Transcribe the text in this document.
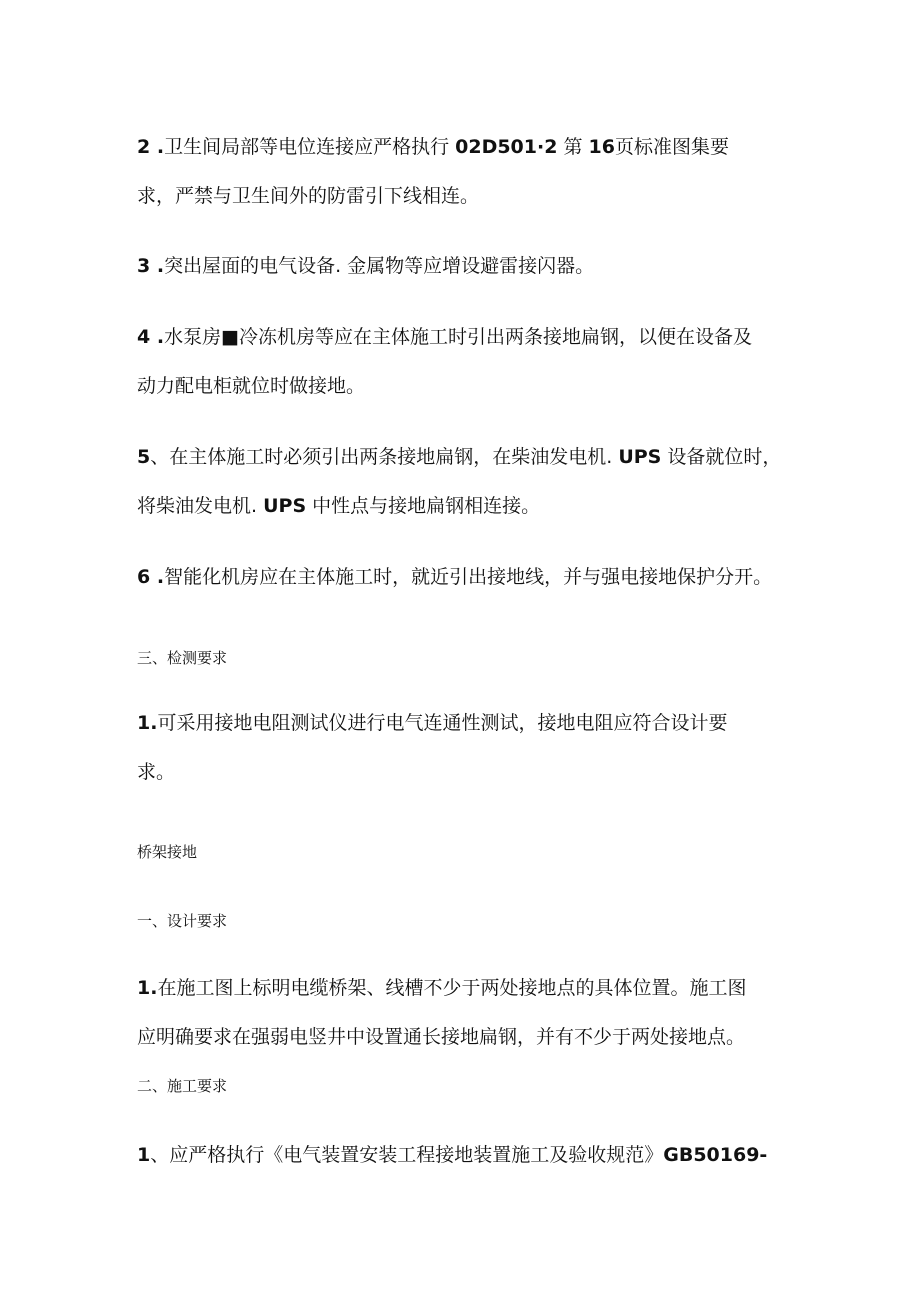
2 .卫生间局部等电位连接应严格执行 02D501·2 第 16页标准图集要
求，严禁与卫生间外的防雷引下线相连。
3 .突出屋面的电气设备. 金属物等应增设避雷接闪器。
4 .水泵房■冷冻机房等应在主体施工时引出两条接地扁钢，以便在设备及
动力配电柜就位时做接地。
5、在主体施工时必须引出两条接地扁钢，在柴油发电机. UPS 设备就位时，
将柴油发电机. UPS 中性点与接地扁钢相连接。
6 .智能化机房应在主体施工时，就近引出接地线，并与强电接地保护分开。
三、检测要求
1.可采用接地电阻测试仪进行电气连通性测试，接地电阻应符合设计要
求。
桥架接地
一、设计要求
1.在施工图上标明电缆桥架、线槽不少于两处接地点的具体位置。施工图
应明确要求在强弱电竖井中设置通长接地扁钢，并有不少于两处接地点。
二、施工要求
1、应严格执行《电气装置安装工程接地装置施工及验收规范》GB50169-
